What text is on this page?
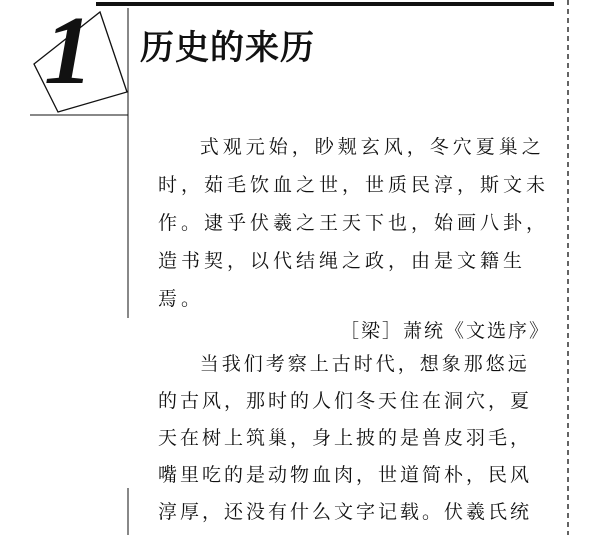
1 历史的来历

式观元始，眇觌玄风，冬穴夏巢之时，茹毛饮血之世，世质民淳，斯文未作。逮乎伏羲之王天下也，始画八卦，造书契，以代结绳之政，由是文籍生焉。

［梁］萧统《文选序》

当我们考察上古时代，想象那悠远的古风，那时的人们冬天住在洞穴，夏天在树上筑巢，身上披的是兽皮羽毛，嘴里吃的是动物血肉，世道简朴，民风淳厚，还没有什么文字记载。伏羲氏统
